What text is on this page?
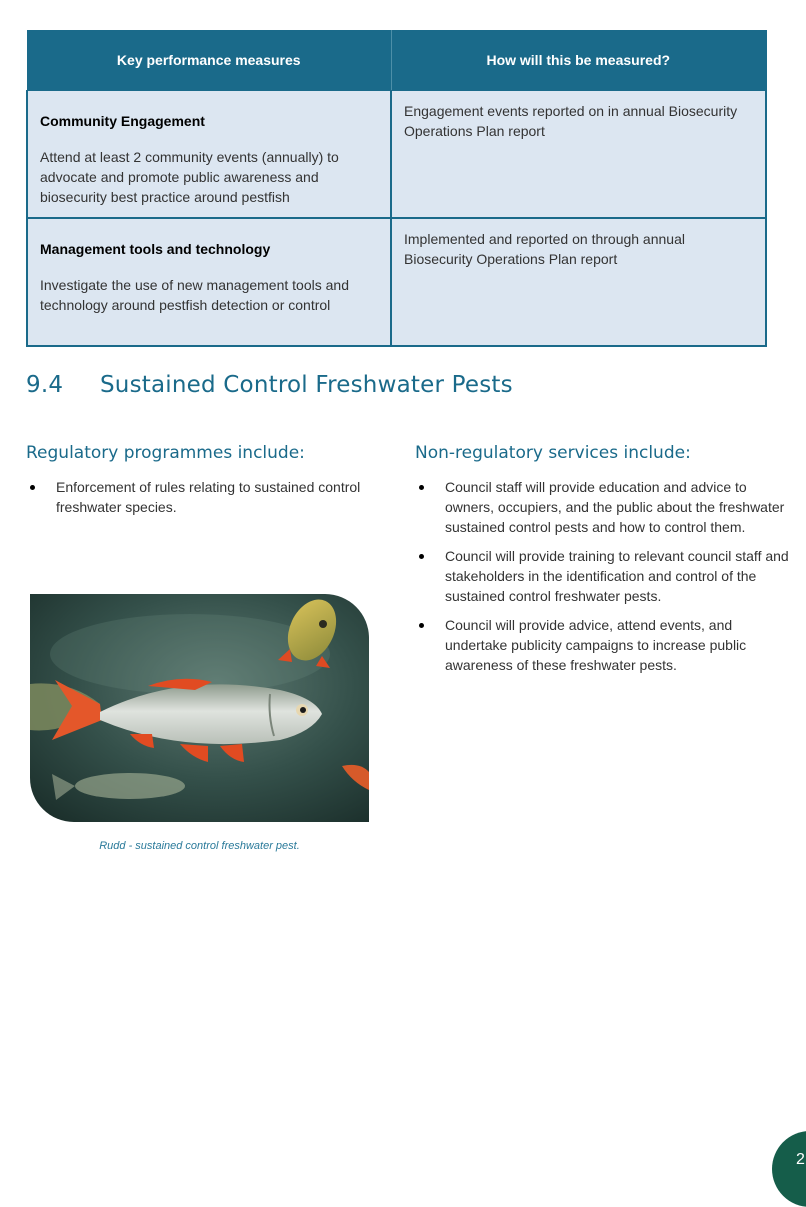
Key performance measures	How will this be measured?

Community Engagement

Attend at least 2 community events (annually) to advocate and promote public awareness and biosecurity best practice around pestfish	Engagement events reported on in annual Biosecurity Operations Plan report

Management tools and technology

Investigate the use of new management tools and technology around pestfish detection or control	Implemented and reported on through annual Biosecurity Operations Plan report
9.4 Sustained Control Freshwater Pests
Regulatory programmes include:
Enforcement of rules relating to sustained control freshwater species.
Non-regulatory services include:
Council staff will provide education and advice to owners, occupiers, and the public about the freshwater sustained control pests and how to control them.
Council will provide training to relevant council staff and stakeholders in the identification and control of the sustained control freshwater pests.
Council will provide advice, attend events, and undertake publicity campaigns to increase public awareness of these freshwater pests.
Rudd - sustained control freshwater pest.
2
